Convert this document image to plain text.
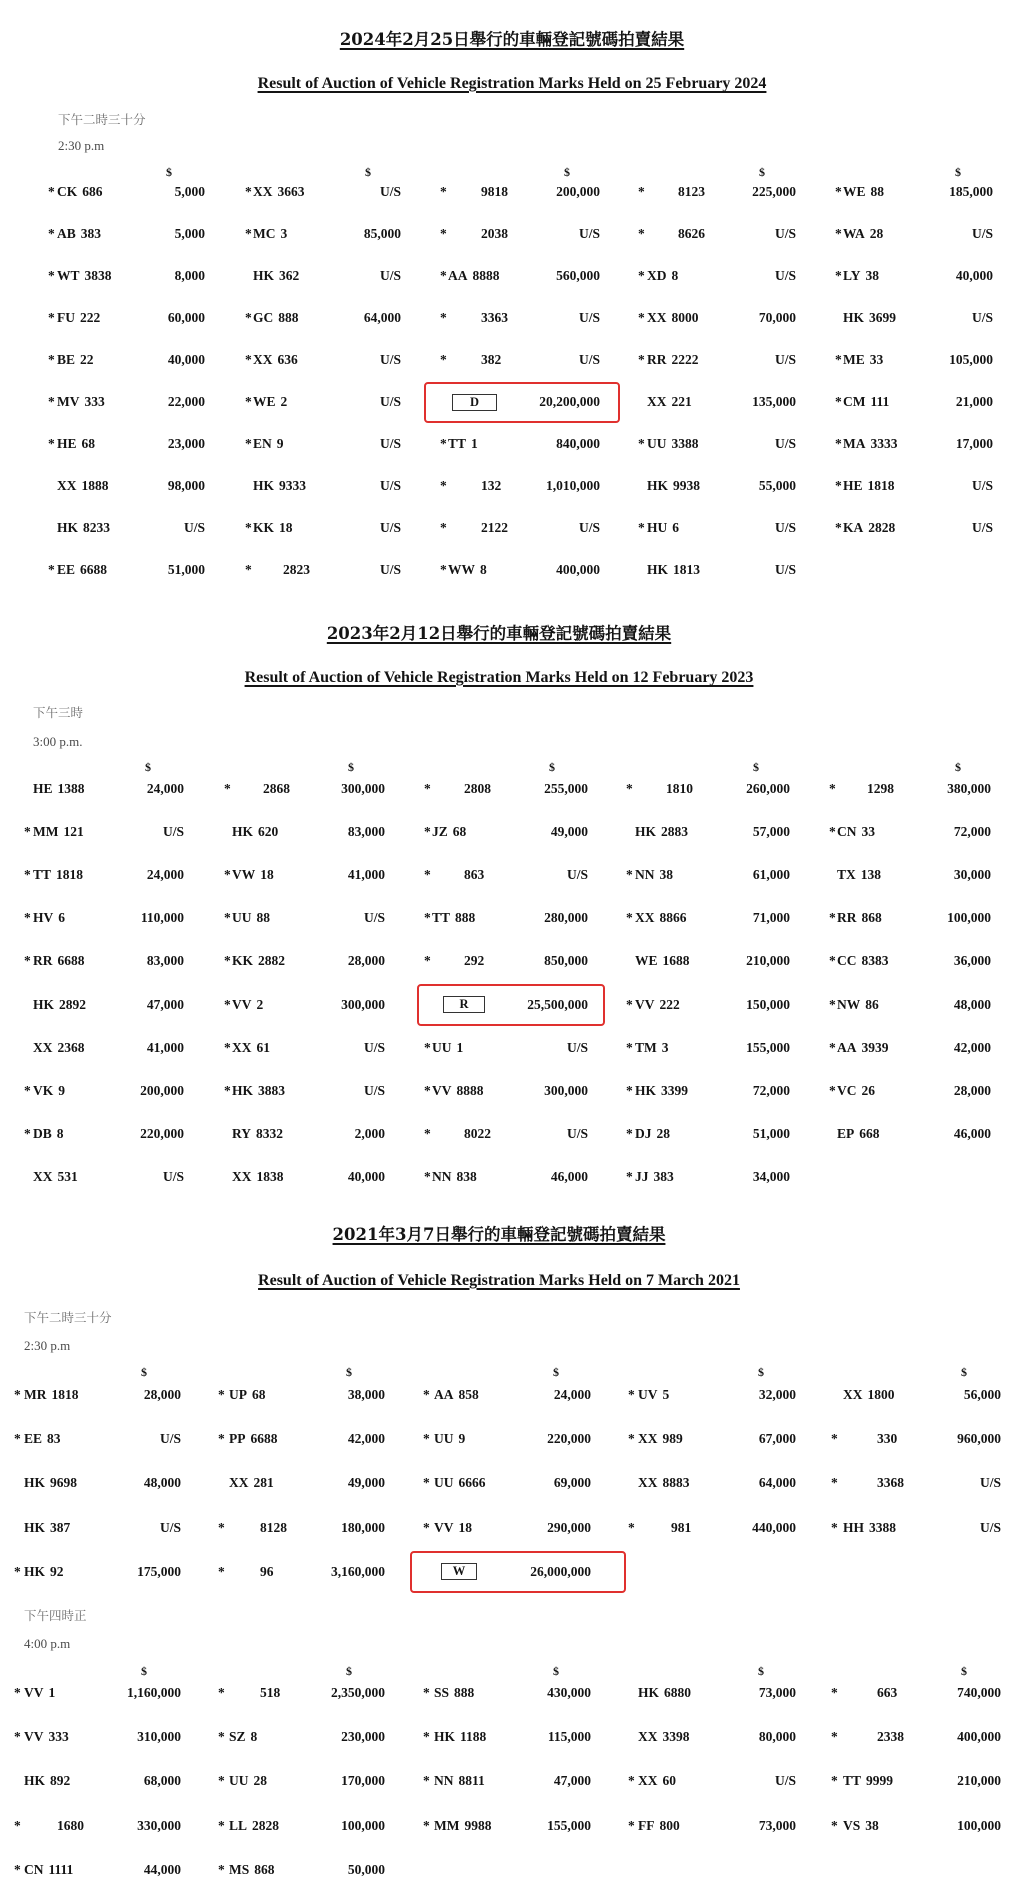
2024年2月25日舉行的車輛登記號碼拍賣結果
Result of Auction of Vehicle Registration Marks Held on 25 February 2024
下午二時三十分
2:30 p.m
$	$	$	$	$
* CK 686	5,000	* XX 3663	U/S	*	9818	200,000	* 8123	225,000	* WE 88	185,000
* AB 383	5,000	* MC 3	85,000	*	2038	U/S	* 8626	U/S	* WA 28	U/S
* WT 3838	8,000	HK 362	U/S	* AA 8888	560,000	* XD 8	U/S	* LY 38	40,000
* FU 222	60,000	* GC 888	64,000	*	3363	U/S	* XX 8000	70,000	HK 3699	U/S
* BE 22	40,000	* XX 636	U/S	*	382	U/S	* RR 2222	U/S	* ME 33	105,000
* MV 333	22,000	* WE 2	U/S	D	20,200,000	XX 221	135,000	* CM 111	21,000
* HE 68	23,000	* EN 9	U/S	* TT 1	840,000	* UU 3388	U/S	* MA 3333	17,000
XX 1888	98,000	HK 9333	U/S	*	132	1,010,000	HK 9938	55,000	* HE 1818	U/S
HK 8233	U/S	* KK 18	U/S	*	2122	U/S	* HU 6	U/S	* KA 2828	U/S
* EE 6688	51,000	* 2823	U/S	* WW 8	400,000	HK 1813	U/S
2023年2月12日舉行的車輛登記號碼拍賣結果
Result of Auction of Vehicle Registration Marks Held on 12 February 2023
下午三時
3:00 p.m.
$	$	$	$	$
HE 1388	24,000	* 2868	300,000	* 2808	255,000	* 1810	260,000	* 1298	380,000
* MM 121	U/S	HK 620	83,000	* JZ 68	49,000	HK 2883	57,000	* CN 33	72,000
* TT 1818	24,000	* VW 18	41,000	* 863	U/S	* NN 38	61,000	TX 138	30,000
* HV 6	110,000	* UU 88	U/S	* TT 888	280,000	* XX 8866	71,000	* RR 868	100,000
* RR 6688	83,000	* KK 2882	28,000	* 292	850,000	WE 1688	210,000	* CC 8383	36,000
HK 2892	47,000	* VV 2	300,000	R	25,500,000	* VV 222	150,000	* NW 86	48,000
XX 2368	41,000	* XX 61	U/S	* UU 1	U/S	* TM 3	155,000	* AA 3939	42,000
* VK 9	200,000	* HK 3883	U/S	* VV 8888	300,000	* HK 3399	72,000	* VC 26	28,000
* DB 8	220,000	RY 8332	2,000	* 8022	U/S	* DJ 28	51,000	EP 668	46,000
XX 531	U/S	XX 1838	40,000	* NN 838	46,000	* JJ 383	34,000
2021年3月7日舉行的車輛登記號碼拍賣結果
Result of Auction of Vehicle Registration Marks Held on 7 March 2021
下午二時三十分
2:30 p.m
$	$	$	$	$
* MR 1818	28,000	* UP 68	38,000	* AA 858	24,000	* UV 5	32,000	XX 1800	56,000
* EE 83	U/S	* PP 6688	42,000	* UU 9	220,000	* XX 989	67,000	*	330	960,000
HK 9698	48,000	XX 281	49,000	* UU 6666	69,000	XX 8883	64,000	*	3368	U/S
HK 387	U/S	*	8128	180,000	* VV 18	290,000	*	981	440,000	* HH 3388	U/S
* HK 92	175,000	*	96	3,160,000	W	26,000,000
下午四時正
4:00 p.m
$	$	$	$	$
* VV 1	1,160,000	*	518	2,350,000	* SS 888	430,000	HK 6880	73,000	*	663	740,000
* VV 333	310,000	* SZ 8	230,000	* HK 1188	115,000	XX 3398	80,000	*	2338	400,000
HK 892	68,000	* UU 28	170,000	* NN 8811	47,000	* XX 60	U/S	* TT 9999	210,000
*	1680	330,000	* LL 2828	100,000	* MM 9988	155,000	* FF 800	73,000	* VS 38	100,000
* CN 1111	44,000	* MS 868	50,000
